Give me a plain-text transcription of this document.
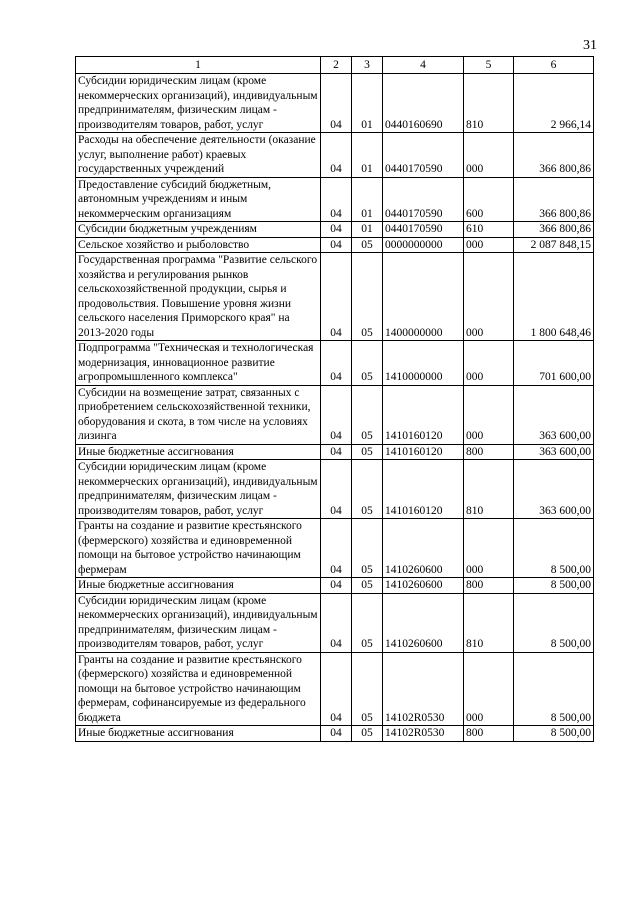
31
1	2	3	4	5	6
Субсидии юридическим лицам (кроме некоммерческих организаций), индивидуальным предпринимателям, физическим лицам - производителям товаров, работ, услуг	04	01	0440160690	810	2 966,14
Расходы на обеспечение деятельности (оказание услуг, выполнение работ) краевых государственных учреждений	04	01	0440170590	000	366 800,86
Предоставление субсидий бюджетным, автономным учреждениям и иным некоммерческим организациям	04	01	0440170590	600	366 800,86
Субсидии бюджетным учреждениям	04	01	0440170590	610	366 800,86
Сельское хозяйство и рыболовство	04	05	0000000000	000	2 087 848,15
Государственная программа "Развитие сельского хозяйства и регулирования рынков сельскохозяйственной продукции, сырья и продовольствия. Повышение уровня жизни сельского населения Приморского края" на 2013-2020 годы	04	05	1400000000	000	1 800 648,46
Подпрограмма "Техническая и технологическая модернизация, инновационное развитие агропромышленного комплекса"	04	05	1410000000	000	701 600,00
Субсидии на возмещение затрат, связанных с приобретением сельскохозяйственной техники, оборудования и скота, в том числе на условиях лизинга	04	05	1410160120	000	363 600,00
Иные бюджетные ассигнования	04	05	1410160120	800	363 600,00
Субсидии юридическим лицам (кроме некоммерческих организаций), индивидуальным предпринимателям, физическим лицам - производителям товаров, работ, услуг	04	05	1410160120	810	363 600,00
Гранты на создание и развитие крестьянского (фермерского) хозяйства и единовременной помощи на бытовое устройство начинающим фермерам	04	05	1410260600	000	8 500,00
Иные бюджетные ассигнования	04	05	1410260600	800	8 500,00
Субсидии юридическим лицам (кроме некоммерческих организаций), индивидуальным предпринимателям, физическим лицам - производителям товаров, работ, услуг	04	05	1410260600	810	8 500,00
Гранты на создание и развитие крестьянского (фермерского) хозяйства и единовременной помощи на бытовое устройство начинающим фермерам, софинансируемые из федерального бюджета	04	05	14102R0530	000	8 500,00
Иные бюджетные ассигнования	04	05	14102R0530	800	8 500,00
